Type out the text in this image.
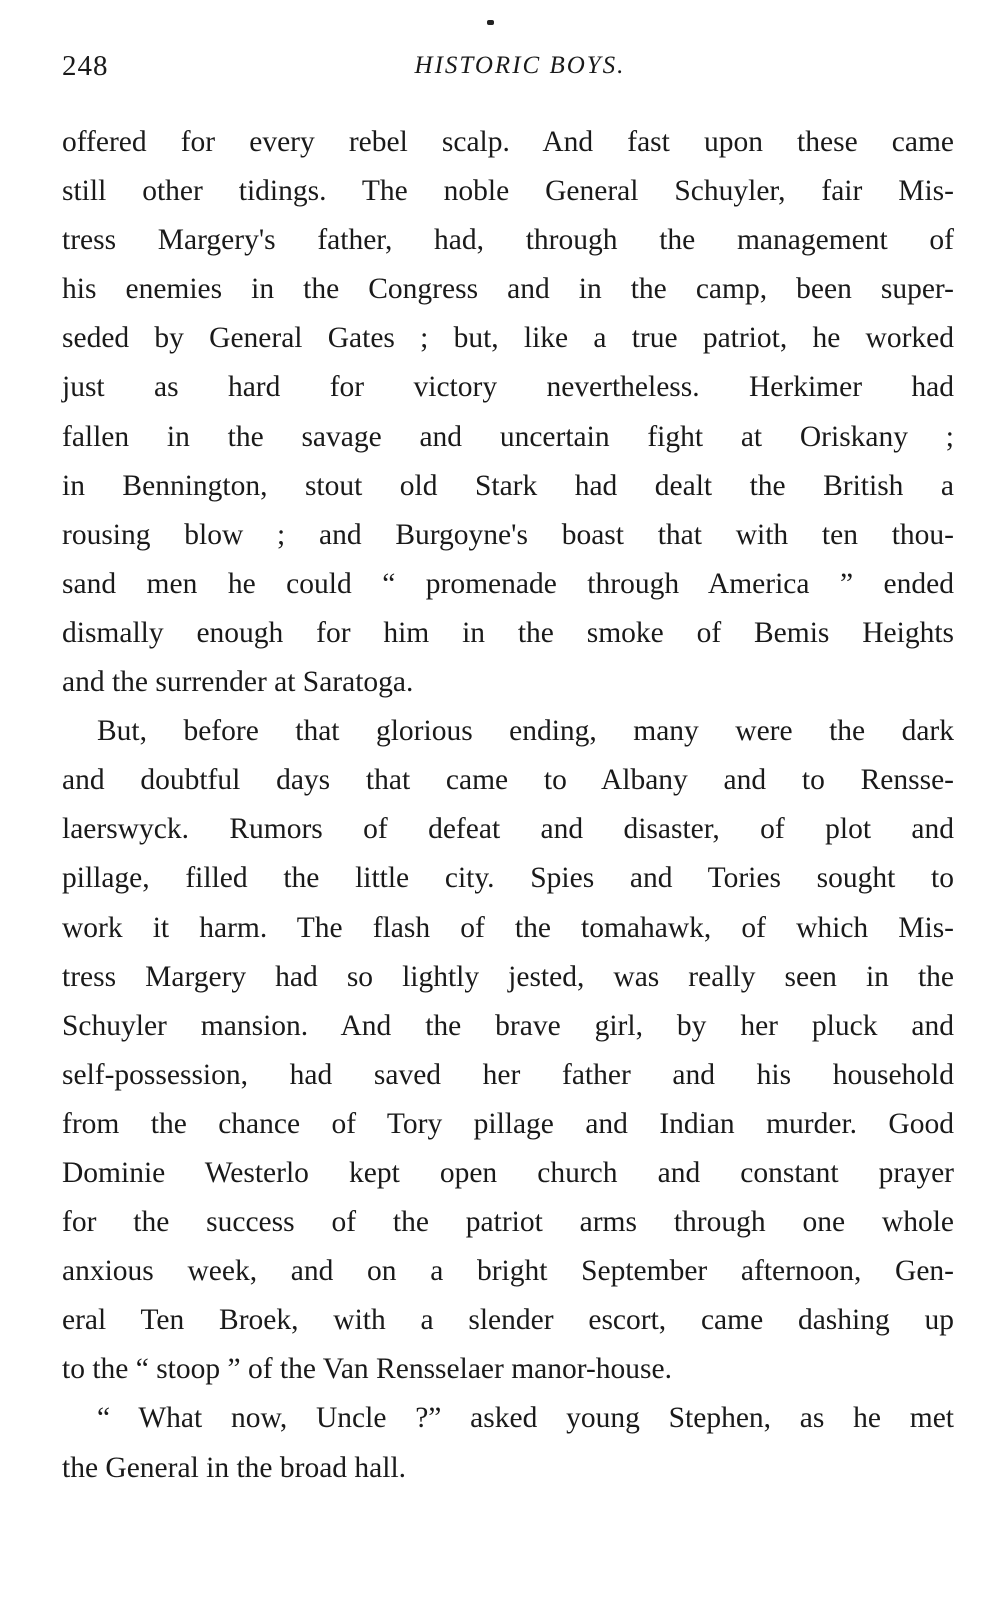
248	HISTORIC BOYS.
offered for every rebel scalp. And fast upon these came
still other tidings. The noble General Schuyler, fair Mis-
tress Margery's father, had, through the management of
his enemies in the Congress and in the camp, been super-
seded by General Gates ; but, like a true patriot, he worked
just as hard for victory nevertheless. Herkimer had
fallen in the savage and uncertain fight at Oriskany ;
in Bennington, stout old Stark had dealt the British a
rousing blow ; and Burgoyne's boast that with ten thou-
sand men he could “ promenade through America ” ended
dismally enough for him in the smoke of Bemis Heights
and the surrender at Saratoga.
But, before that glorious ending, many were the dark
and doubtful days that came to Albany and to Rensse-
laerswyck. Rumors of defeat and disaster, of plot and
pillage, filled the little city. Spies and Tories sought to
work it harm. The flash of the tomahawk, of which Mis-
tress Margery had so lightly jested, was really seen in the
Schuyler mansion. And the brave girl, by her pluck and
self-possession, had saved her father and his household
from the chance of Tory pillage and Indian murder. Good
Dominie Westerlo kept open church and constant prayer
for the success of the patriot arms through one whole
anxious week, and on a bright September afternoon, Gen-
eral Ten Broek, with a slender escort, came dashing up
to the “ stoop ” of the Van Rensselaer manor-house.
“ What now, Uncle ?” asked young Stephen, as he met
the General in the broad hall.
